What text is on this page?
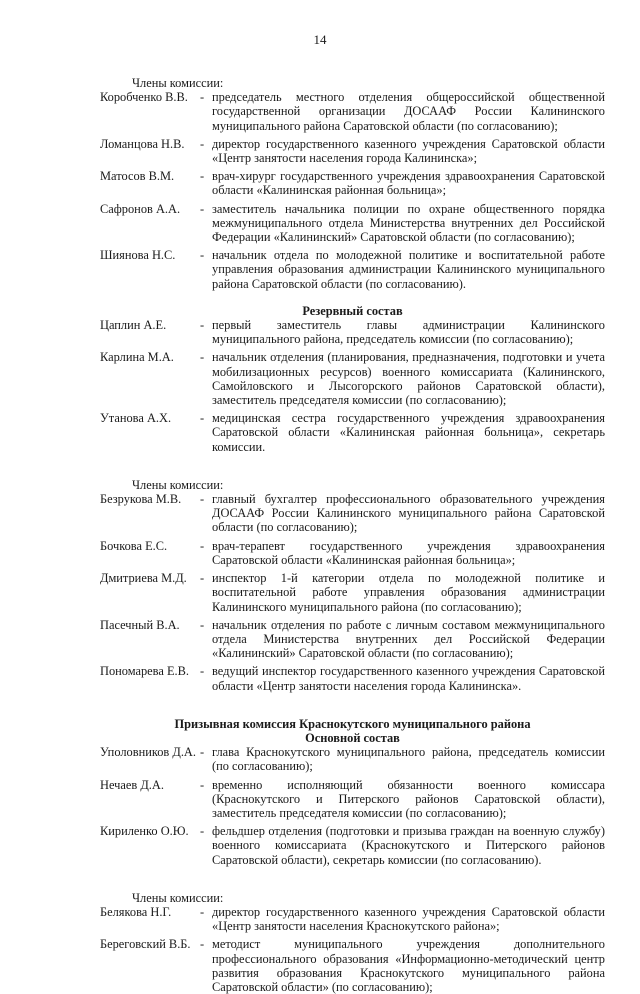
14
Члены комиссии:
Коробченко В.В. - председатель местного отделения общероссийской общественной государственной организации ДОСААФ России Калининского муниципального района Саратовской области (по согласованию);
Ломанцова Н.В. - директор государственного казенного учреждения Саратовской области «Центр занятости населения города Калининска»;
Матосов В.М. - врач-хирург государственного учреждения здравоохранения Саратовской области «Калининская районная больница»;
Сафронов А.А. - заместитель начальника полиции по охране общественного порядка межмуниципального отдела Министерства внутренних дел Российской Федерации «Калининский» Саратовской области (по согласованию);
Шиянова Н.С. - начальник отдела по молодежной политике и воспитательной работе управления образования администрации Калининского муниципального района Саратовской области (по согласованию).
Резервный состав
Цаплин А.Е.	- первый заместитель главы администрации Калининского муниципального района, председатель комиссии (по согласованию);
Карлина М.А. - начальник отделения (планирования, предназначения, подготовки и учета мобилизационных ресурсов) военного комиссариата (Калининского, Самойловского и Лысогорского районов Саратовской области), заместитель председателя комиссии (по согласованию);
Утанова А.Х. - медицинская сестра государственного учреждения здравоохранения Саратовской области «Калининская районная больница», секретарь комиссии.
Члены комиссии:
Безрукова М.В. - главный бухгалтер профессионального образовательного учреждения ДОСААФ России Калининского муниципального района Саратовской области (по согласованию);
Бочкова Е.С.	- врач-терапевт государственного учреждения здравоохранения Саратовской области «Калининская районная больница»;
Дмитриева М.Д. - инспектор 1-й категории отдела по молодежной политике и воспитательной работе управления образования администрации Калининского муниципального района (по согласованию);
Пасечный В.А. - начальник отделения по работе с личным составом межмуниципального отдела Министерства внутренних дел Российской Федерации «Калининский» Саратовской области (по согласованию);
Пономарева Е.В. - ведущий инспектор государственного казенного учреждения Саратовской области «Центр занятости населения города Калининска».
Призывная комиссия Краснокутского муниципального района
Основной состав
Уполовников Д.А. - глава Краснокутского муниципального района, председатель комиссии (по согласованию);
Нечаев Д.А.	- временно исполняющий обязанности военного комиссара (Краснокутского и Питерского районов Саратовской области), заместитель председателя комиссии (по согласованию);
Кириленко О.Ю. - фельдшер отделения (подготовки и призыва граждан на военную службу) военного комиссариата (Краснокутского и Питерского районов Саратовской области), секретарь комиссии (по согласованию).
Члены комиссии:
Белякова Н.Г. - директор государственного казенного учреждения Саратовской области «Центр занятости населения Краснокутского района»;
Береговский В.Б. - методист муниципального учреждения дополнительного профессионального образования «Информационно-методический центр развития образования Краснокутского муниципального района Саратовской области» (по согласованию);
